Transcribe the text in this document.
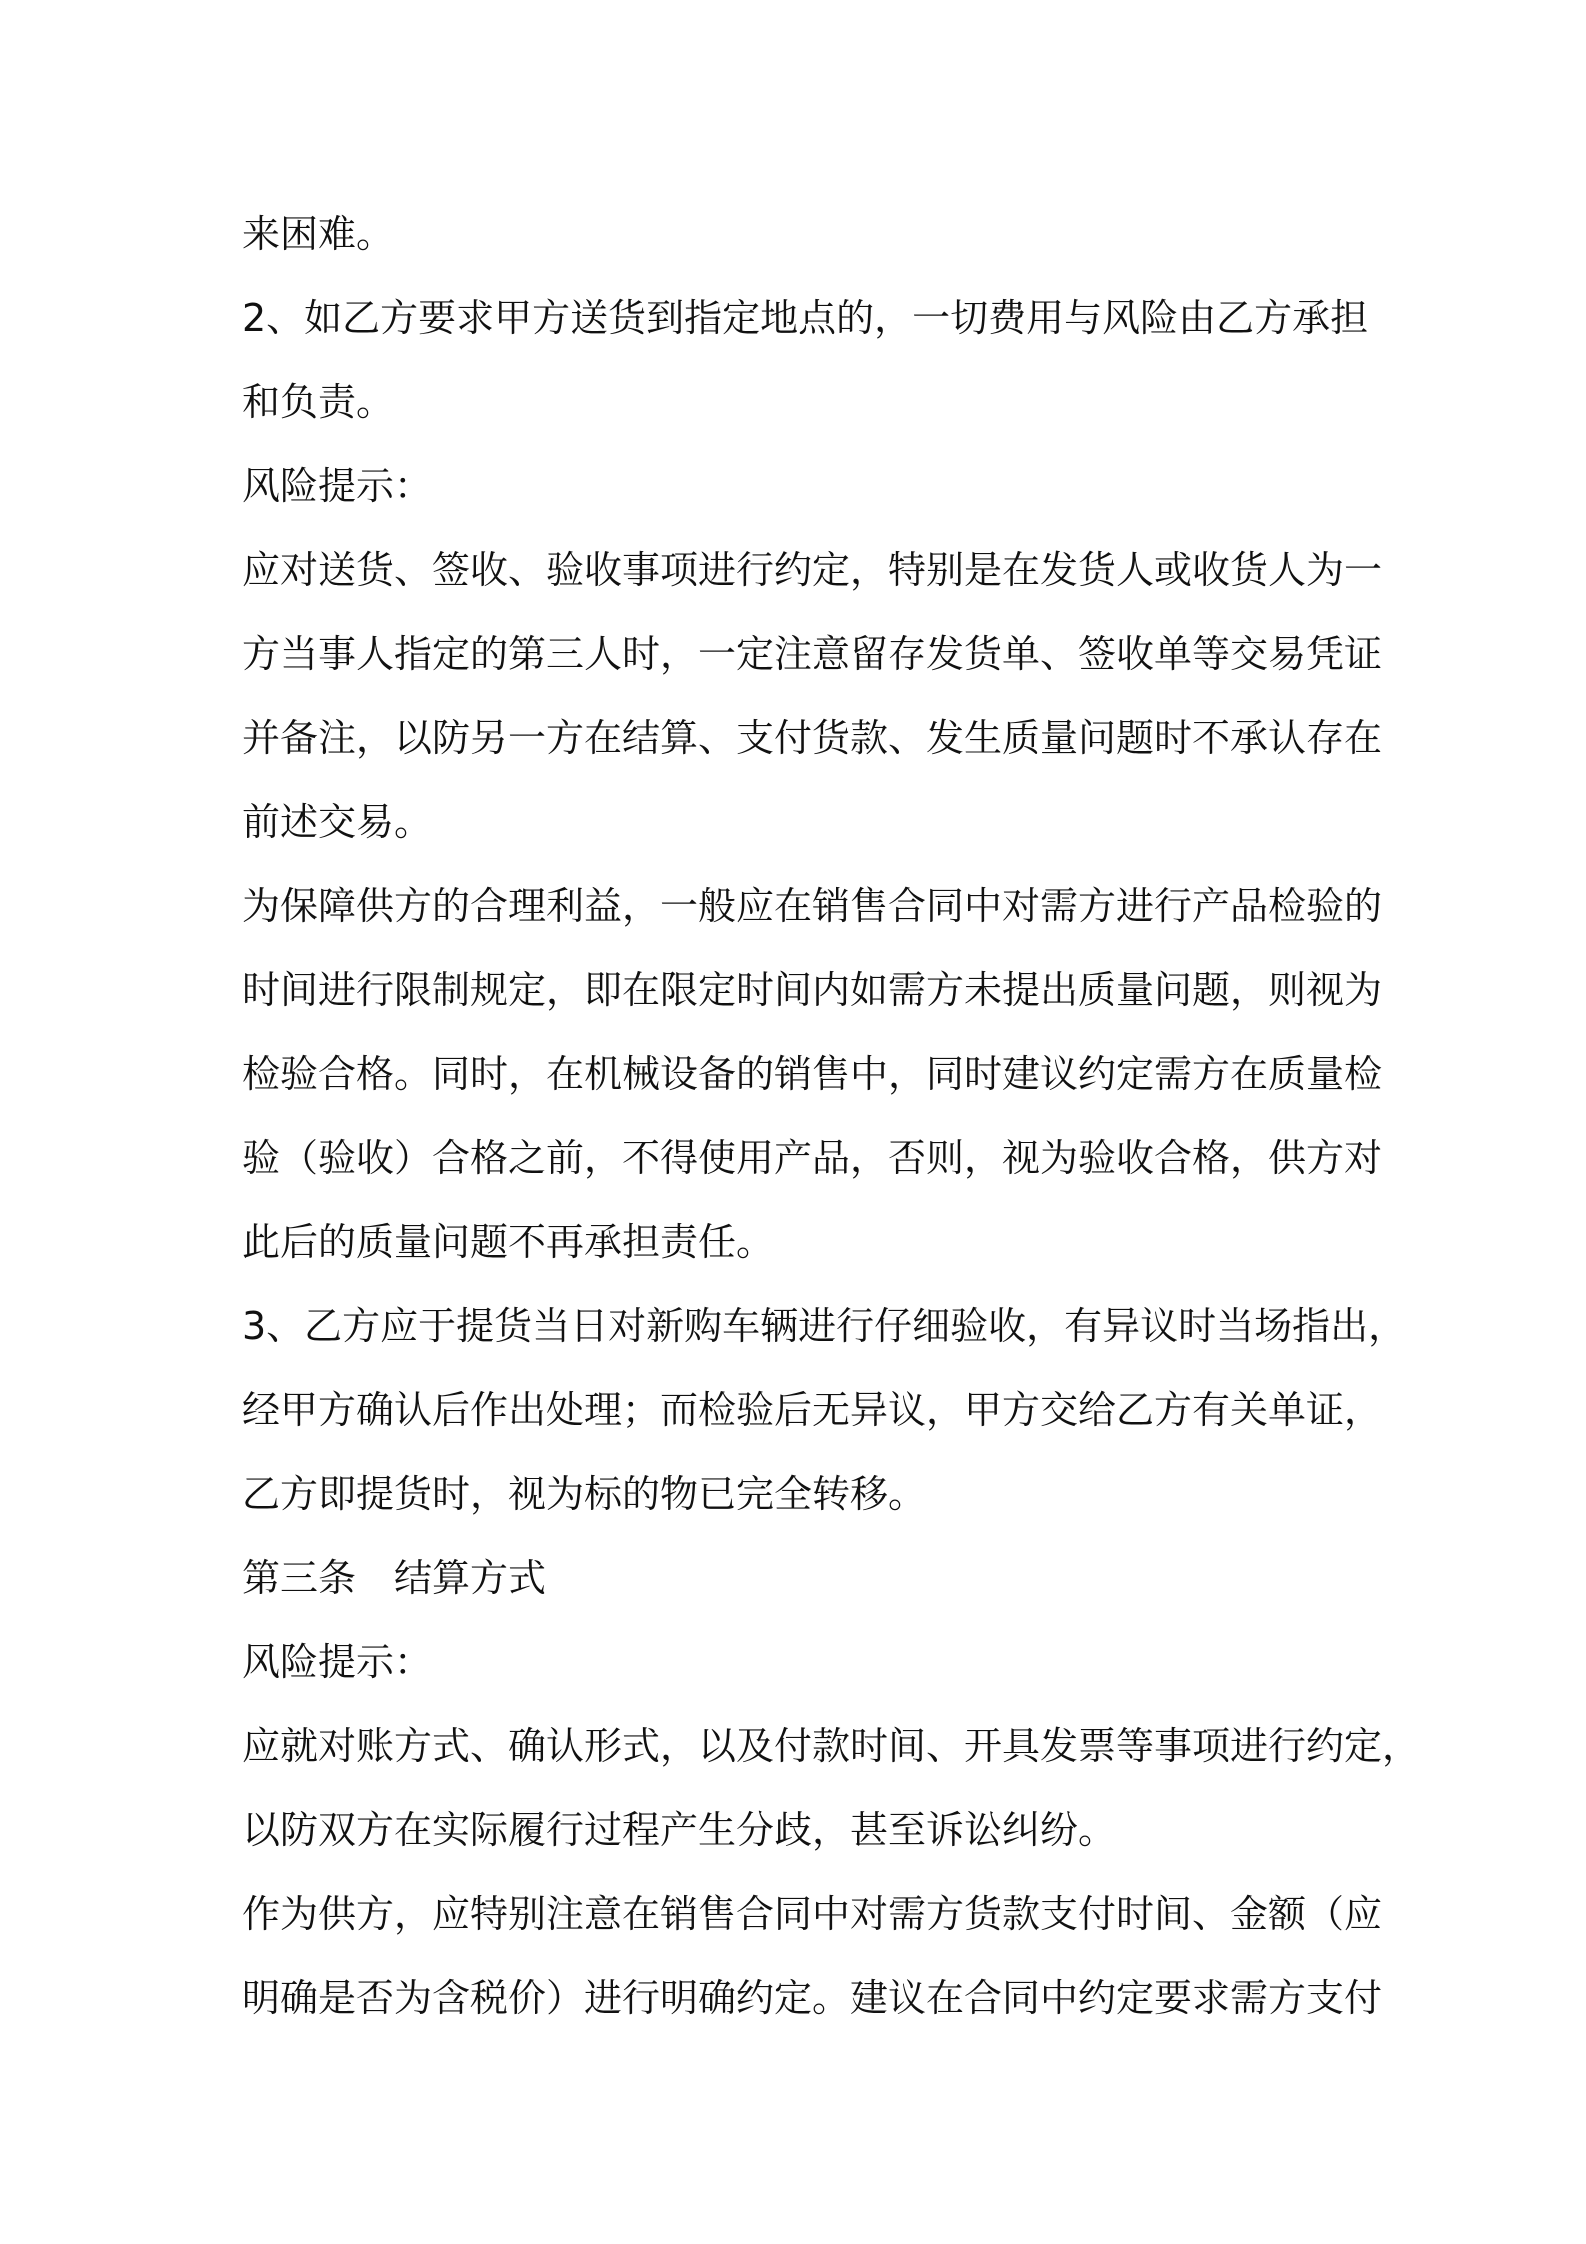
来困难。
2、如乙方要求甲方送货到指定地点的，一切费用与风险由乙方承担
和负责。
风险提示：
应对送货、签收、验收事项进行约定，特别是在发货人或收货人为一
方当事人指定的第三人时，一定注意留存发货单、签收单等交易凭证
并备注，以防另一方在结算、支付货款、发生质量问题时不承认存在
前述交易。
为保障供方的合理利益，一般应在销售合同中对需方进行产品检验的
时间进行限制规定，即在限定时间内如需方未提出质量问题，则视为
检验合格。同时，在机械设备的销售中，同时建议约定需方在质量检
验（验收）合格之前，不得使用产品，否则，视为验收合格，供方对
此后的质量问题不再承担责任。
3、乙方应于提货当日对新购车辆进行仔细验收，有异议时当场指出，
经甲方确认后作出处理；而检验后无异议，甲方交给乙方有关单证，
乙方即提货时，视为标的物已完全转移。
第三条　结算方式
风险提示：
应就对账方式、确认形式，以及付款时间、开具发票等事项进行约定，
以防双方在实际履行过程产生分歧，甚至诉讼纠纷。
作为供方，应特别注意在销售合同中对需方货款支付时间、金额（应
明确是否为含税价）进行明确约定。建议在合同中约定要求需方支付
